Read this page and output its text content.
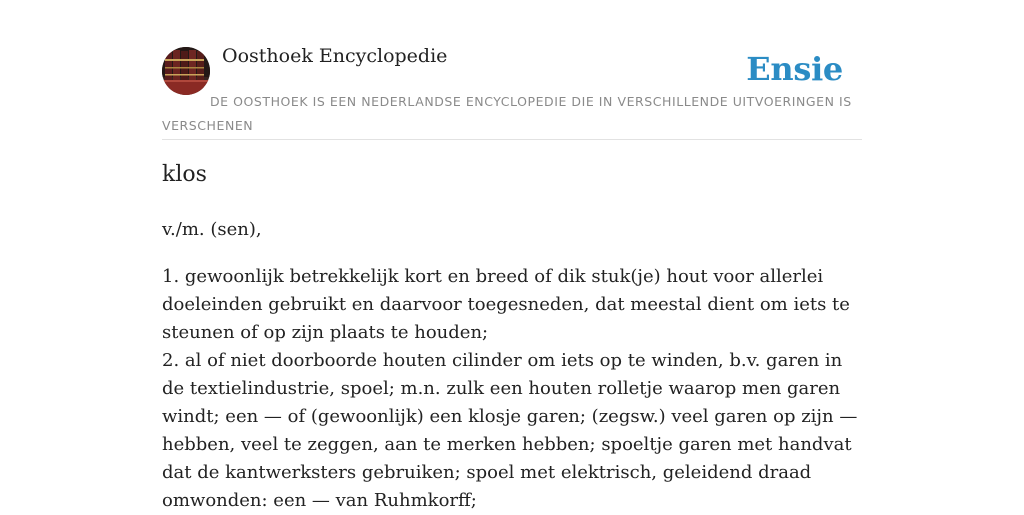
Oosthoek Encyclopedie	Ensie
DE OOSTHOEK IS EEN NEDERLANDSE ENCYCLOPEDIE DIE IN VERSCHILLENDE UITVOERINGEN IS VERSCHENEN
klos

v./m. (sen),

1. gewoonlijk betrekkelijk kort en breed of dik stuk(je) hout voor allerlei doeleinden gebruikt en daarvoor toegesneden, dat meestal dient om iets te steunen of op zijn plaats te houden;
2. al of niet doorboorde houten cilinder om iets op te winden, b.v. garen in de textielindustrie, spoel; m.n. zulk een houten rolletje waarop men garen windt; een — of (gewoonlijk) een klosje garen; (zegsw.) veel garen op zijn — hebben, veel te zeggen, aan te merken hebben; spoeltje garen met handvat dat de kantwerksters gebruiken; spoel met elektrisch, geleidend draad omwonden: een — van Ruhmkorff;
